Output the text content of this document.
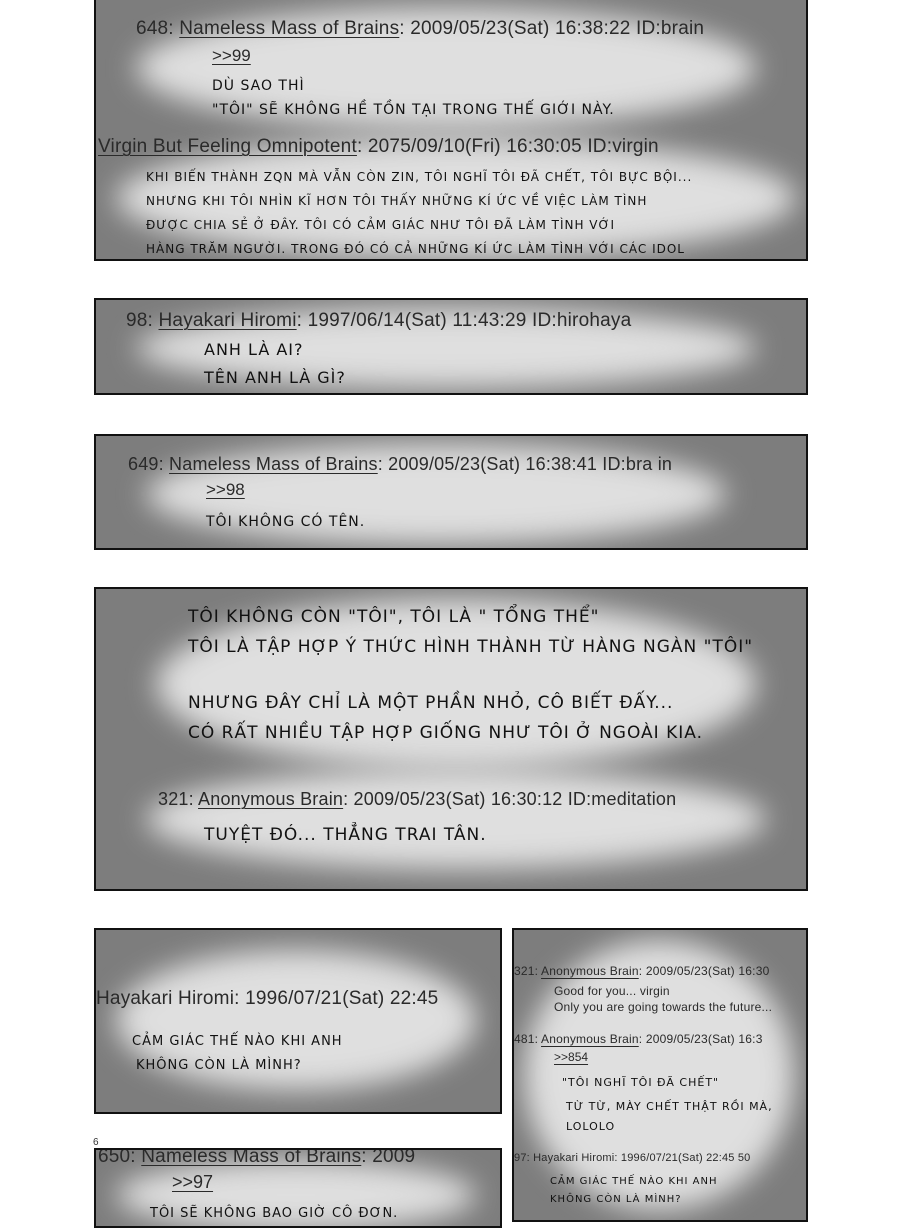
648: Nameless Mass of Brains: 2009/05/23(Sat) 16:38:22 ID:brain
>>99
DÙ SAO THÌ
"TÔI" SẼ KHÔNG HỀ TỒN TẠI TRONG THẾ GIỚI NÀY.
Virgin But Feeling Omnipotent: 2075/09/10(Fri) 16:30:05 ID:virgin
KHI BIẾN THÀNH ZQN MÀ VẪN CÒN ZIN, TÔI NGHĨ TÔI ĐÃ CHẾT, TÔI BỰC BỘI...
NHƯNG KHI TÔI NHÌN KĨ HƠN TÔI THẤY NHỮNG KÍ ỨC VỀ VIỆC LÀM TÌNH
ĐƯỢC CHIA SẺ Ở ĐÂY. TÔI CÓ CẢM GIÁC NHƯ TÔI ĐÃ LÀM TÌNH VỚI
HÀNG TRĂM NGƯỜI. TRONG ĐÓ CÓ CẢ NHỮNG KÍ ỨC LÀM TÌNH VỚI CÁC IDOL
98: Hayakari Hiromi: 1997/06/14(Sat) 11:43:29 ID:hirohaya
ANH LÀ AI?
TÊN ANH LÀ GÌ?
649: Nameless Mass of Brains: 2009/05/23(Sat) 16:38:41 ID:bra in
>>98
TÔI KHÔNG CÓ TÊN.
TÔI KHÔNG CÒN "TÔI", TÔI LÀ " TỔNG THỂ"
TÔI LÀ TẬP HỢP Ý THỨC HÌNH THÀNH TỪ HÀNG NGÀN "TÔI"
NHƯNG ĐÂY CHỈ LÀ MỘT PHẦN NHỎ, CÔ BIẾT ĐẤY...
CÓ RẤT NHIỀU TẬP HỢP GIỐNG NHƯ TÔI Ở NGOÀI KIA.
321: Anonymous Brain: 2009/05/23(Sat) 16:30:12 ID:meditation
TUYỆT ĐÓ... THẲNG TRAI TÂN.
Hayakari Hiromi: 1996/07/21(Sat) 22:45
CẢM GIÁC THẾ NÀO KHI ANH
KHÔNG CÒN LÀ MÌNH?
321: Anonymous Brain: 2009/05/23(Sat) 16:30
Good for you... virgin
Only you are going towards the future...
481: Anonymous Brain: 2009/05/23(Sat) 16:3
>>854
"TÔI NGHĨ TÔI ĐÃ CHẾT"
TỪ TỪ, MÀY CHẾT THẬT RỒI MÀ,
LOLOLO
97: Hayakari Hiromi: 1996/07/21(Sat) 22:45 50
CẢM GIÁC THẾ NÀO KHI ANH
KHÔNG CÒN LÀ MÌNH?
650: Nameless Mass of Brains: 2009
>>97
TÔI SẼ KHÔNG BAO GIỜ CÔ ĐƠN.
6
